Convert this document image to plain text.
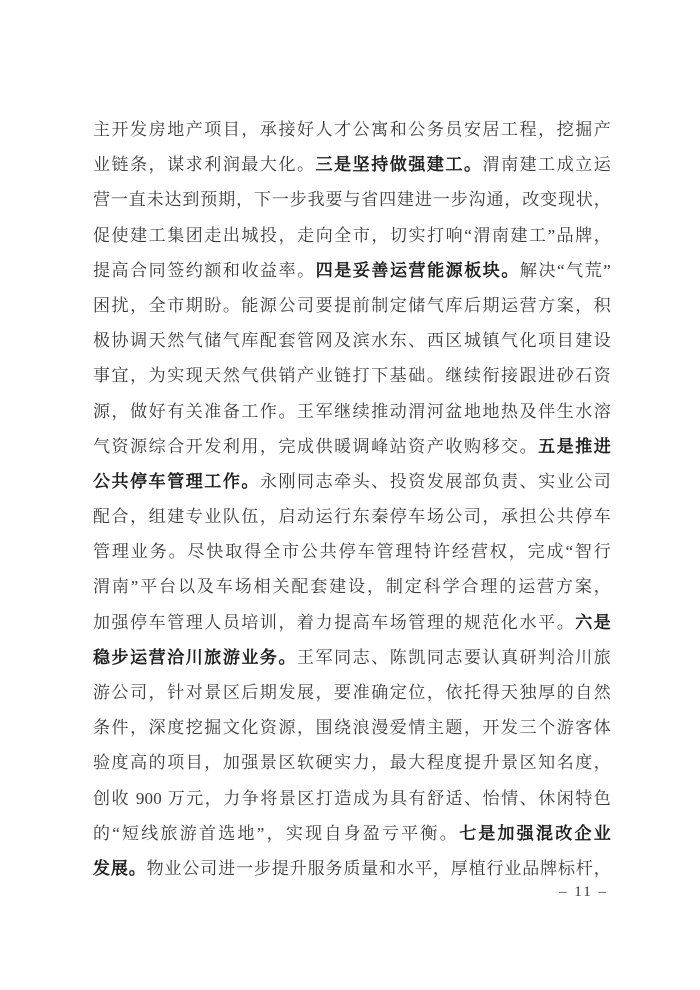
主开发房地产项目，承接好人才公寓和公务员安居工程，挖掘产
业链条，谋求利润最大化。三是坚持做强建工。渭南建工成立运
营一直未达到预期，下一步我要与省四建进一步沟通，改变现状，
促使建工集团走出城投，走向全市，切实打响“渭南建工”品牌，
提高合同签约额和收益率。四是妥善运营能源板块。解决“气荒”
困扰，全市期盼。能源公司要提前制定储气库后期运营方案，积
极协调天然气储气库配套管网及滨水东、西区城镇气化项目建设
事宜，为实现天然气供销产业链打下基础。继续衔接跟进砂石资
源，做好有关准备工作。王军继续推动渭河盆地地热及伴生水溶
气资源综合开发利用，完成供暖调峰站资产收购移交。五是推进
公共停车管理工作。永刚同志牵头、投资发展部负责、实业公司
配合，组建专业队伍，启动运行东秦停车场公司，承担公共停车
管理业务。尽快取得全市公共停车管理特许经营权，完成“智行
渭南”平台以及车场相关配套建设，制定科学合理的运营方案，
加强停车管理人员培训，着力提高车场管理的规范化水平。六是
稳步运营洽川旅游业务。王军同志、陈凯同志要认真研判洽川旅
游公司，针对景区后期发展，要准确定位，依托得天独厚的自然
条件，深度挖掘文化资源，围绕浪漫爱情主题，开发三个游客体
验度高的项目，加强景区软硬实力，最大程度提升景区知名度，
创收 900 万元，力争将景区打造成为具有舒适、怡情、休闲特色
的“短线旅游首选地”，实现自身盈亏平衡。七是加强混改企业
发展。物业公司进一步提升服务质量和水平，厚植行业品牌标杆，
– 11 –
